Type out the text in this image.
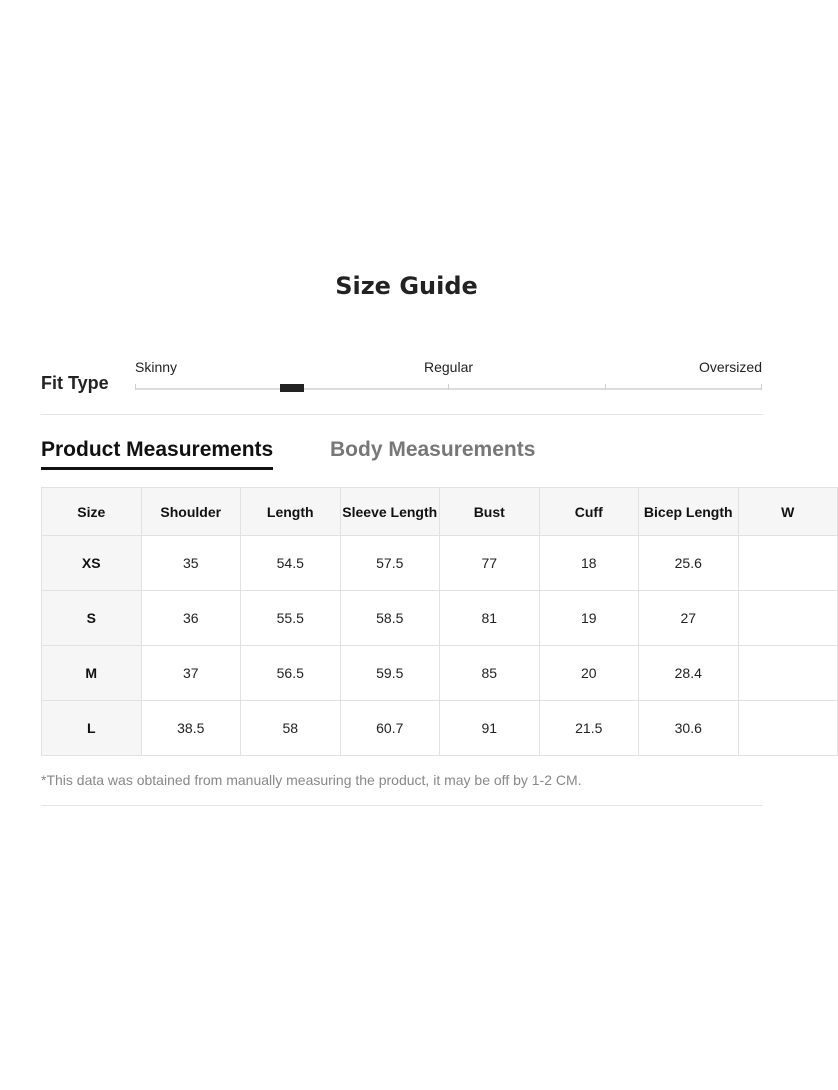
Size Guide
Fit Type
Skinny	Regular	Oversized
Product Measurements	Body Measurements
Size	Shoulder	Length	Sleeve Length	Bust	Cuff	Bicep Length	W
XS	35	54.5	57.5	77	18	25.6	
S	36	55.5	58.5	81	19	27	
M	37	56.5	59.5	85	20	28.4	
L	38.5	58	60.7	91	21.5	30.6	
*This data was obtained from manually measuring the product, it may be off by 1-2 CM.
